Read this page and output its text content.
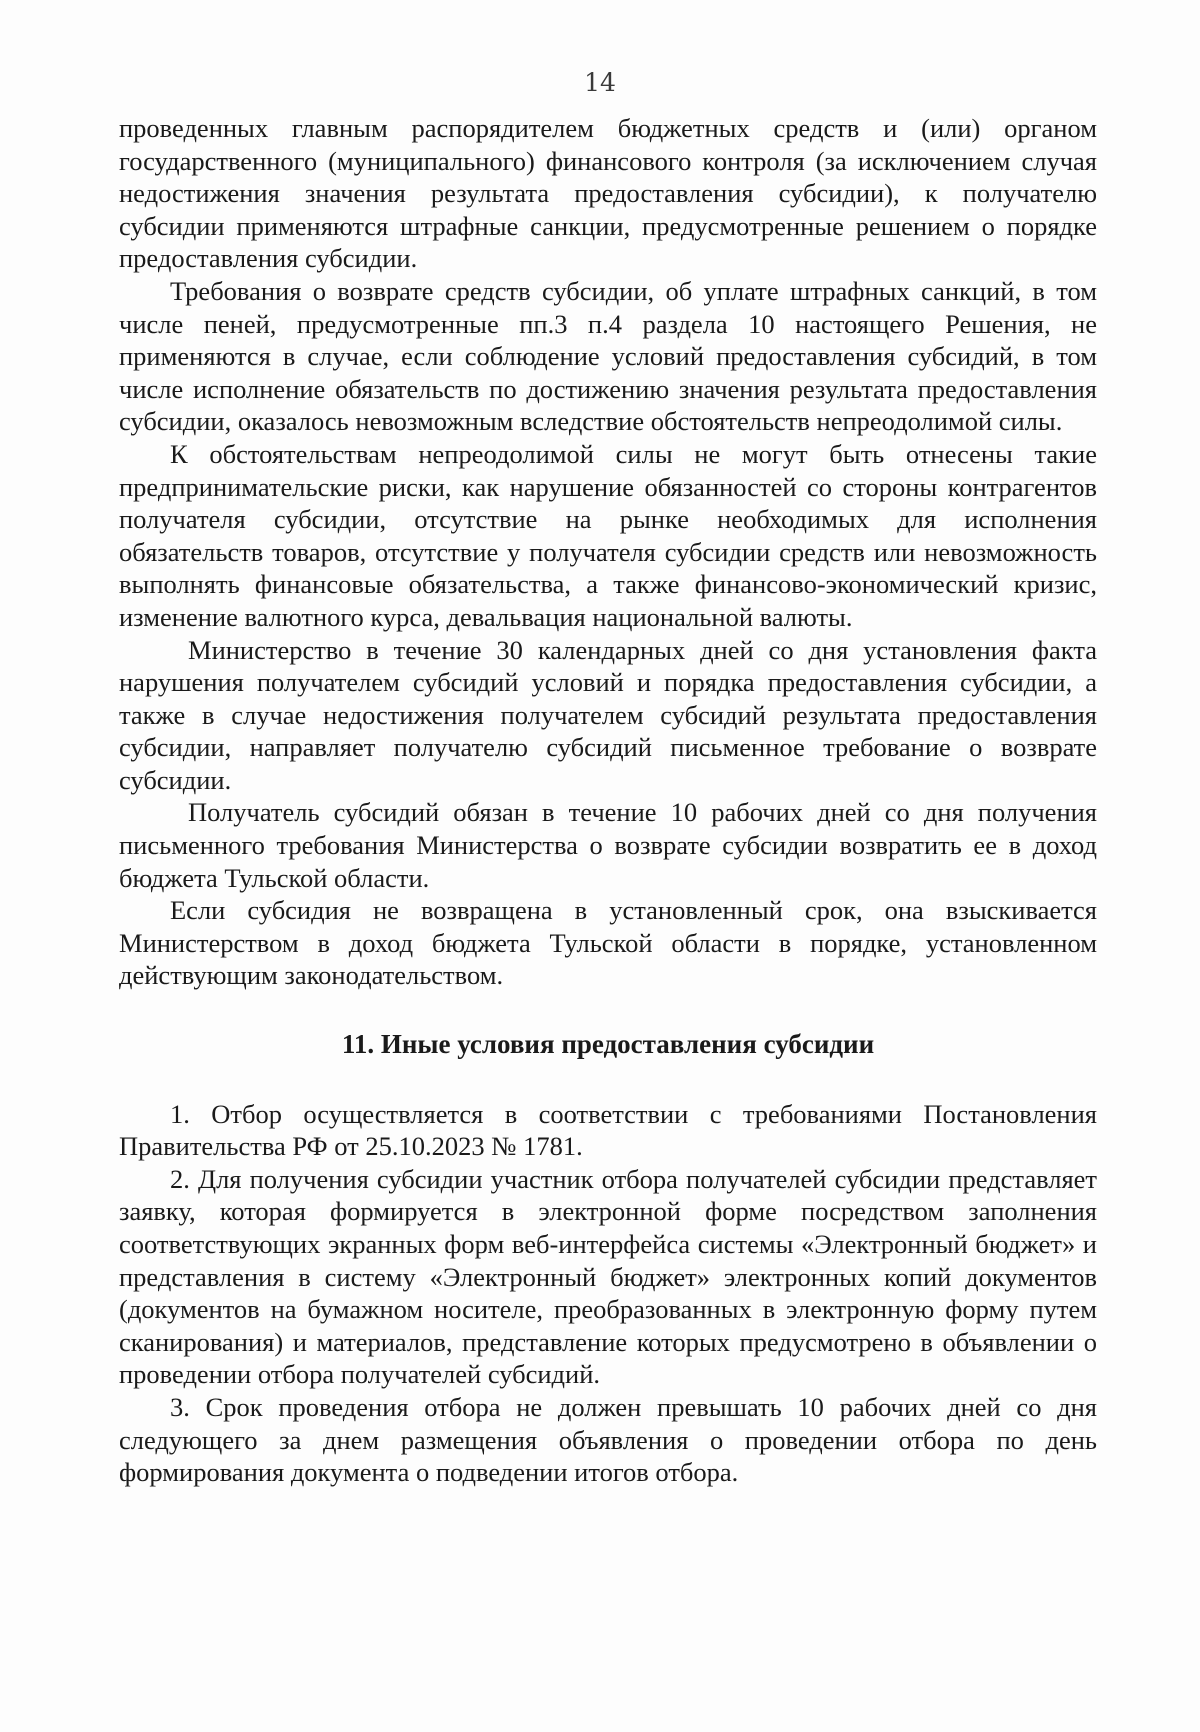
14

проведенных главным распорядителем бюджетных средств и (или) органом государственного (муниципального) финансового контроля (за исключением случая недостижения значения результата предоставления субсидии), к получателю субсидии применяются штрафные санкции, предусмотренные решением о порядке предоставления субсидии.

Требования о возврате средств субсидии, об уплате штрафных санкций, в том числе пеней, предусмотренные пп.3 п.4 раздела 10 настоящего Решения, не применяются в случае, если соблюдение условий предоставления субсидий, в том числе исполнение обязательств по достижению значения результата предоставления субсидии, оказалось невозможным вследствие обстоятельств непреодолимой силы.

К обстоятельствам непреодолимой силы не могут быть отнесены такие предпринимательские риски, как нарушение обязанностей со стороны контрагентов получателя субсидии, отсутствие на рынке необходимых для исполнения обязательств товаров, отсутствие у получателя субсидии средств или невозможность выполнять финансовые обязательства, а также финансово-экономический кризис, изменение валютного курса, девальвация национальной валюты.

Министерство в течение 30 календарных дней со дня установления факта нарушения получателем субсидий условий и порядка предоставления субсидии, а также в случае недостижения получателем субсидий результата предоставления субсидии, направляет получателю субсидий письменное требование о возврате субсидии.

Получатель субсидий обязан в течение 10 рабочих дней со дня получения письменного требования Министерства о возврате субсидии возвратить ее в доход бюджета Тульской области.

Если субсидия не возвращена в установленный срок, она взыскивается Министерством в доход бюджета Тульской области в порядке, установленном действующим законодательством.

11. Иные условия предоставления субсидии

1. Отбор осуществляется в соответствии с требованиями Постановления Правительства РФ от 25.10.2023 № 1781.

2. Для получения субсидии участник отбора получателей субсидии представляет заявку, которая формируется в электронной форме посредством заполнения соответствующих экранных форм веб-интерфейса системы «Электронный бюджет» и представления в систему «Электронный бюджет» электронных копий документов (документов на бумажном носителе, преобразованных в электронную форму путем сканирования) и материалов, представление которых предусмотрено в объявлении о проведении отбора получателей субсидий.

3. Срок проведения отбора не должен превышать 10 рабочих дней со дня следующего за днем размещения объявления о проведении отбора по день формирования документа о подведении итогов отбора.
